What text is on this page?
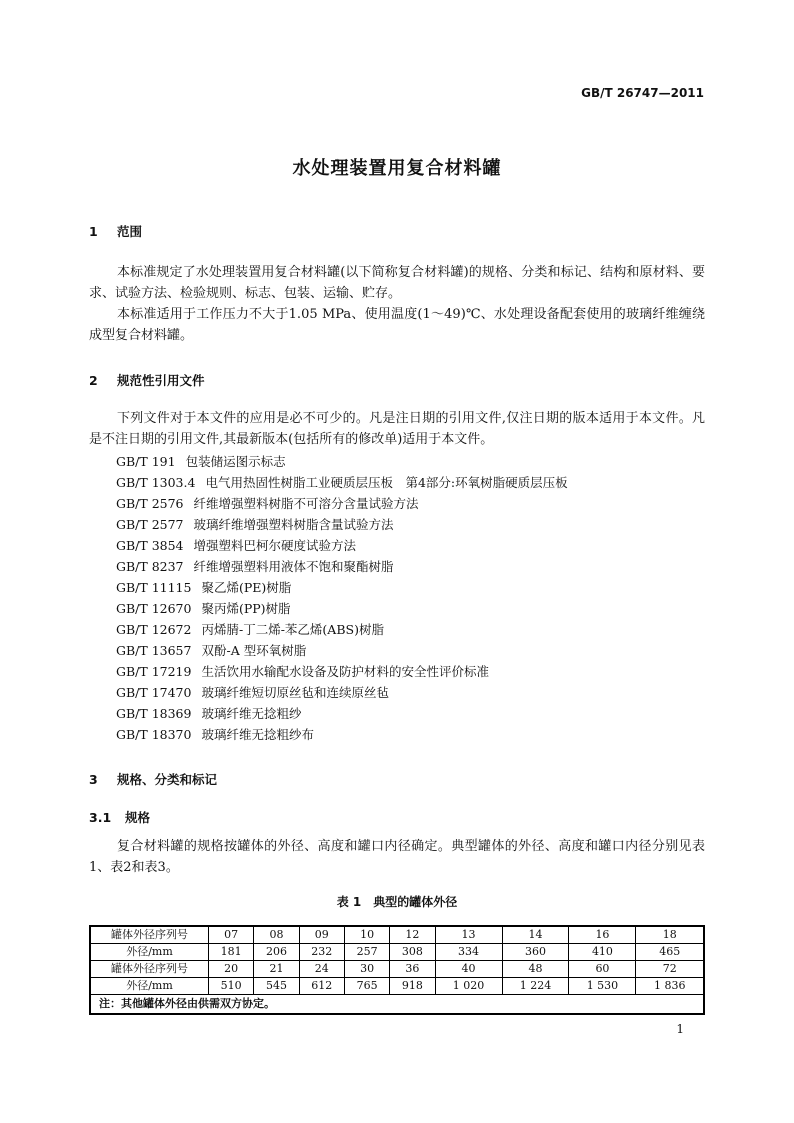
GB/T 26747—2011
水处理装置用复合材料罐
1 范围

本标准规定了水处理装置用复合材料罐(以下简称复合材料罐)的规格、分类和标记、结构和原材料、要求、试验方法、检验规则、标志、包装、运输、贮存。

本标准适用于工作压力不大于1.05 MPa、使用温度(1～49)℃、水处理设备配套使用的玻璃纤维缠绕成型复合材料罐。

2 规范性引用文件

下列文件对于本文件的应用是必不可少的。凡是注日期的引用文件,仅注日期的版本适用于本文件。凡是不注日期的引用文件,其最新版本(包括所有的修改单)适用于本文件。

GB/T 191 包装储运图示标志
GB/T 1303.4 电气用热固性树脂工业硬质层压板　第4部分:环氧树脂硬质层压板
GB/T 2576 纤维增强塑料树脂不可溶分含量试验方法
GB/T 2577 玻璃纤维增强塑料树脂含量试验方法
GB/T 3854 增强塑料巴柯尔硬度试验方法
GB/T 8237 纤维增强塑料用液体不饱和聚酯树脂
GB/T 11115 聚乙烯(PE)树脂
GB/T 12670 聚丙烯(PP)树脂
GB/T 12672 丙烯腈-丁二烯-苯乙烯(ABS)树脂
GB/T 13657 双酚-A 型环氧树脂
GB/T 17219 生活饮用水输配水设备及防护材料的安全性评价标准
GB/T 17470 玻璃纤维短切原丝毡和连续原丝毡
GB/T 18369 玻璃纤维无捻粗纱
GB/T 18370 玻璃纤维无捻粗纱布
3 规格、分类和标记
3.1 规格

复合材料罐的规格按罐体的外径、高度和罐口内径确定。典型罐体的外径、高度和罐口内径分别见表1、表2和表3。

表 1　典型的罐体外径
罐体外径序列号	07	08	09	10	12	13	14	16	18
外径/mm	181	206	232	257	308	334	360	410	465
罐体外径序列号	20	21	24	30	36	40	48	60	72
外径/mm	510	545	612	765	918	1 020	1 224	1 530	1 836
注：其他罐体外径由供需双方协定。									
1
